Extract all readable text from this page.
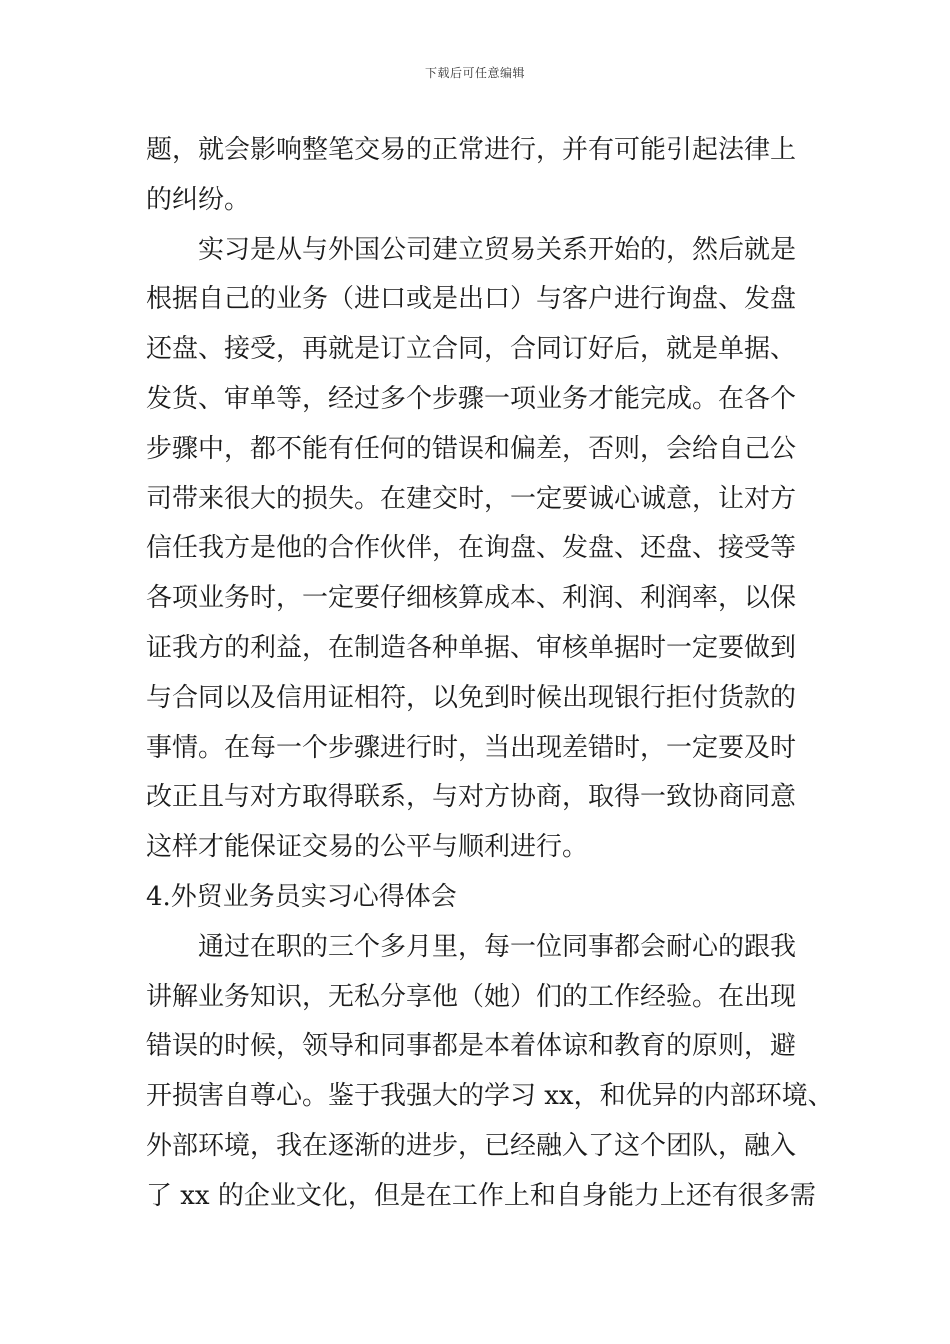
下载后可任意编辑
题，就会影响整笔交易的正常进行，并有可能引起法律上
的纠纷。
　　实习是从与外国公司建立贸易关系开始的，然后就是
根据自己的业务（进口或是出口）与客户进行询盘、发盘
还盘、接受，再就是订立合同，合同订好后，就是单据、
发货、审单等，经过多个步骤一项业务才能完成。在各个
步骤中，都不能有任何的错误和偏差，否则，会给自己公
司带来很大的损失。在建交时，一定要诚心诚意，让对方
信任我方是他的合作伙伴，在询盘、发盘、还盘、接受等
各项业务时，一定要仔细核算成本、利润、利润率，以保
证我方的利益，在制造各种单据、审核单据时一定要做到
与合同以及信用证相符，以免到时候出现银行拒付货款的
事情。在每一个步骤进行时，当出现差错时，一定要及时
改正且与对方取得联系，与对方协商，取得一致协商同意
这样才能保证交易的公平与顺利进行。
4.外贸业务员实习心得体会
　　通过在职的三个多月里，每一位同事都会耐心的跟我
讲解业务知识，无私分享他（她）们的工作经验。在出现
错误的时候，领导和同事都是本着体谅和教育的原则，避
开损害自尊心。鉴于我强大的学习 xx，和优异的内部环境、
外部环境，我在逐渐的进步，已经融入了这个团队，融入
了 xx 的企业文化，但是在工作上和自身能力上还有很多需
